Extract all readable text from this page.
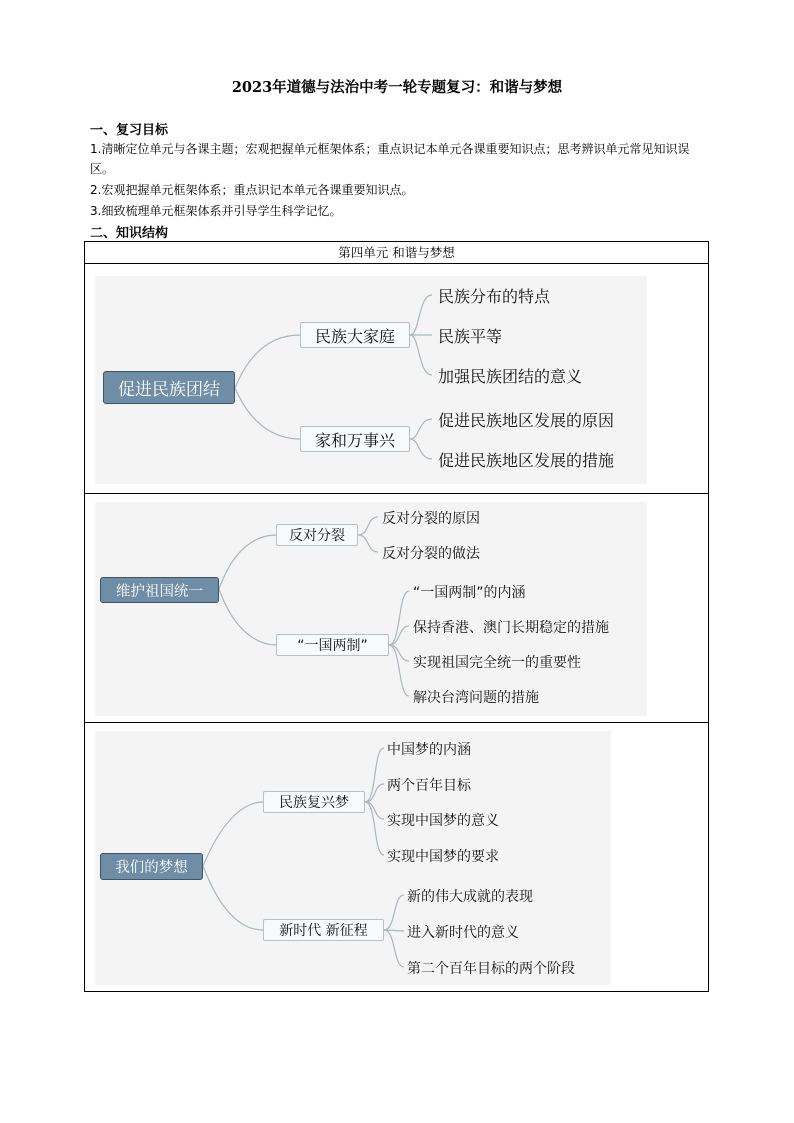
2023年道德与法治中考一轮专题复习：和谐与梦想
一、复习目标
1.清晰定位单元与各课主题；宏观把握单元框架体系；重点识记本单元各课重要知识点；思考辨识单元常见知识误区。
2.宏观把握单元框架体系；重点识记本单元各课重要知识点。
3.细致梳理单元框架体系并引导学生科学记忆。
二、知识结构
第四单元 和谐与梦想
促进民族团结
民族大家庭
家和万事兴
民族分布的特点
民族平等
加强民族团结的意义
促进民族地区发展的原因
促进民族地区发展的措施
维护祖国统一
反对分裂
“一国两制”
反对分裂的原因
反对分裂的做法
“一国两制”的内涵
保持香港、澳门长期稳定的措施
实现祖国完全统一的重要性
解决台湾问题的措施
我们的梦想
民族复兴梦
新时代 新征程
中国梦的内涵
两个百年目标
实现中国梦的意义
实现中国梦的要求
新的伟大成就的表现
进入新时代的意义
第二个百年目标的两个阶段
